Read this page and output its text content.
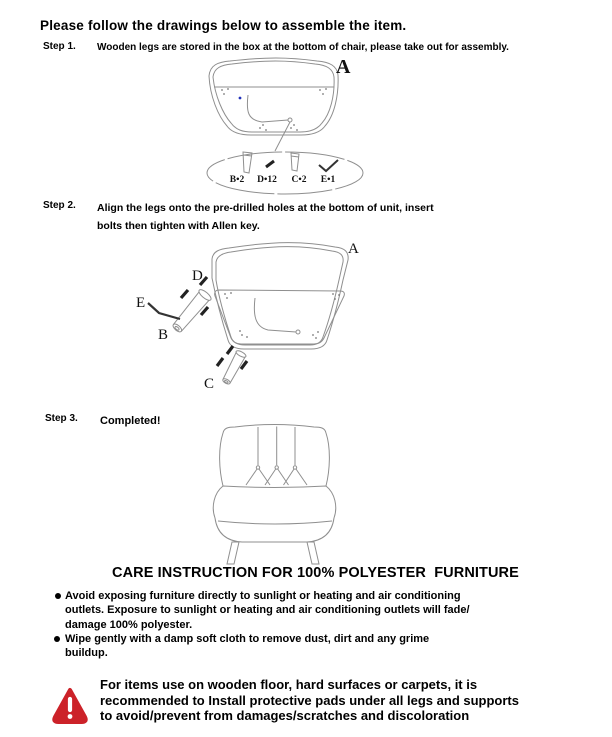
Please follow the drawings below to assemble the item.
Step 1. Wooden legs are stored in the box at the bottom of chair, please take out for assembly.
A
B•2 D•12 C•2 E•1
Step 2. Align the legs onto the pre-drilled holes at the bottom of unit, insert
bolts then tighten with Allen key.
A
D
E
B
C
Step 3. Completed!
CARE INSTRUCTION FOR 100% POLYESTER  FURNITURE
Avoid exposing furniture directly to sunlight or heating and air conditioning
outlets. Exposure to sunlight or heating and air conditioning outlets will fade/
damage 100% polyester.
Wipe gently with a damp soft cloth to remove dust, dirt and any grime
buildup.
For items use on wooden floor, hard surfaces or carpets, it is
recommended to Install protective pads under all legs and supports
to avoid/prevent from damages/scratches and discoloration
